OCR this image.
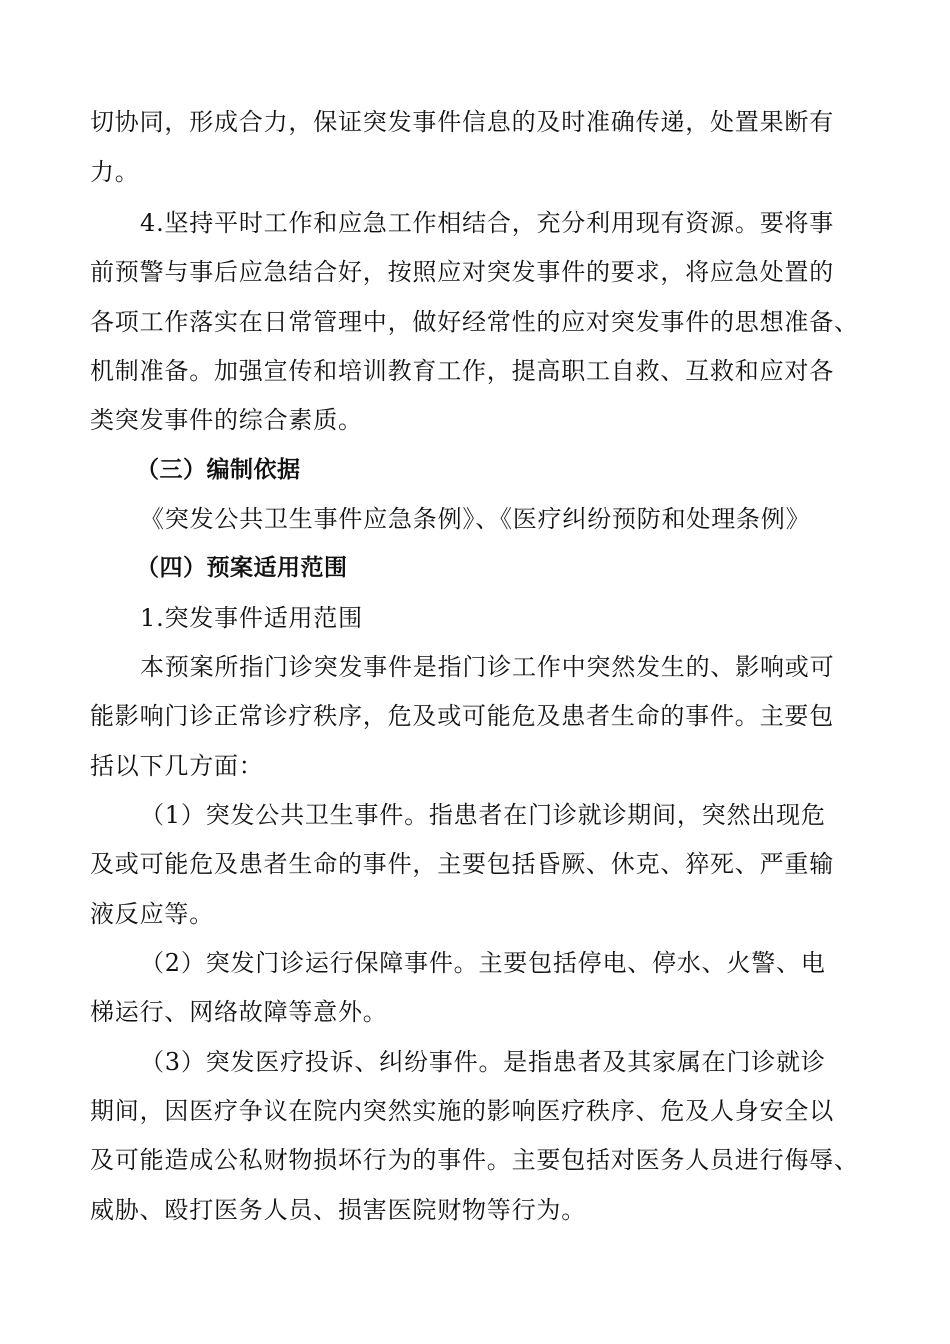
切协同，形成合力，保证突发事件信息的及时准确传递，处置果断有
力。
4.坚持平时工作和应急工作相结合，充分利用现有资源。要将事
前预警与事后应急结合好，按照应对突发事件的要求，将应急处置的
各项工作落实在日常管理中，做好经常性的应对突发事件的思想准备、
机制准备。加强宣传和培训教育工作，提高职工自救、互救和应对各
类突发事件的综合素质。
（三）编制依据
《突发公共卫生事件应急条例》、《医疗纠纷预防和处理条例》
（四）预案适用范围
1.突发事件适用范围
本预案所指门诊突发事件是指门诊工作中突然发生的、影响或可
能影响门诊正常诊疗秩序，危及或可能危及患者生命的事件。主要包
括以下几方面：
（1）突发公共卫生事件。指患者在门诊就诊期间，突然出现危
及或可能危及患者生命的事件，主要包括昏厥、休克、猝死、严重输
液反应等。
（2）突发门诊运行保障事件。主要包括停电、停水、火警、电
梯运行、网络故障等意外。
（3）突发医疗投诉、纠纷事件。是指患者及其家属在门诊就诊
期间，因医疗争议在院内突然实施的影响医疗秩序、危及人身安全以
及可能造成公私财物损坏行为的事件。主要包括对医务人员进行侮辱、
威胁、殴打医务人员、损害医院财物等行为。
